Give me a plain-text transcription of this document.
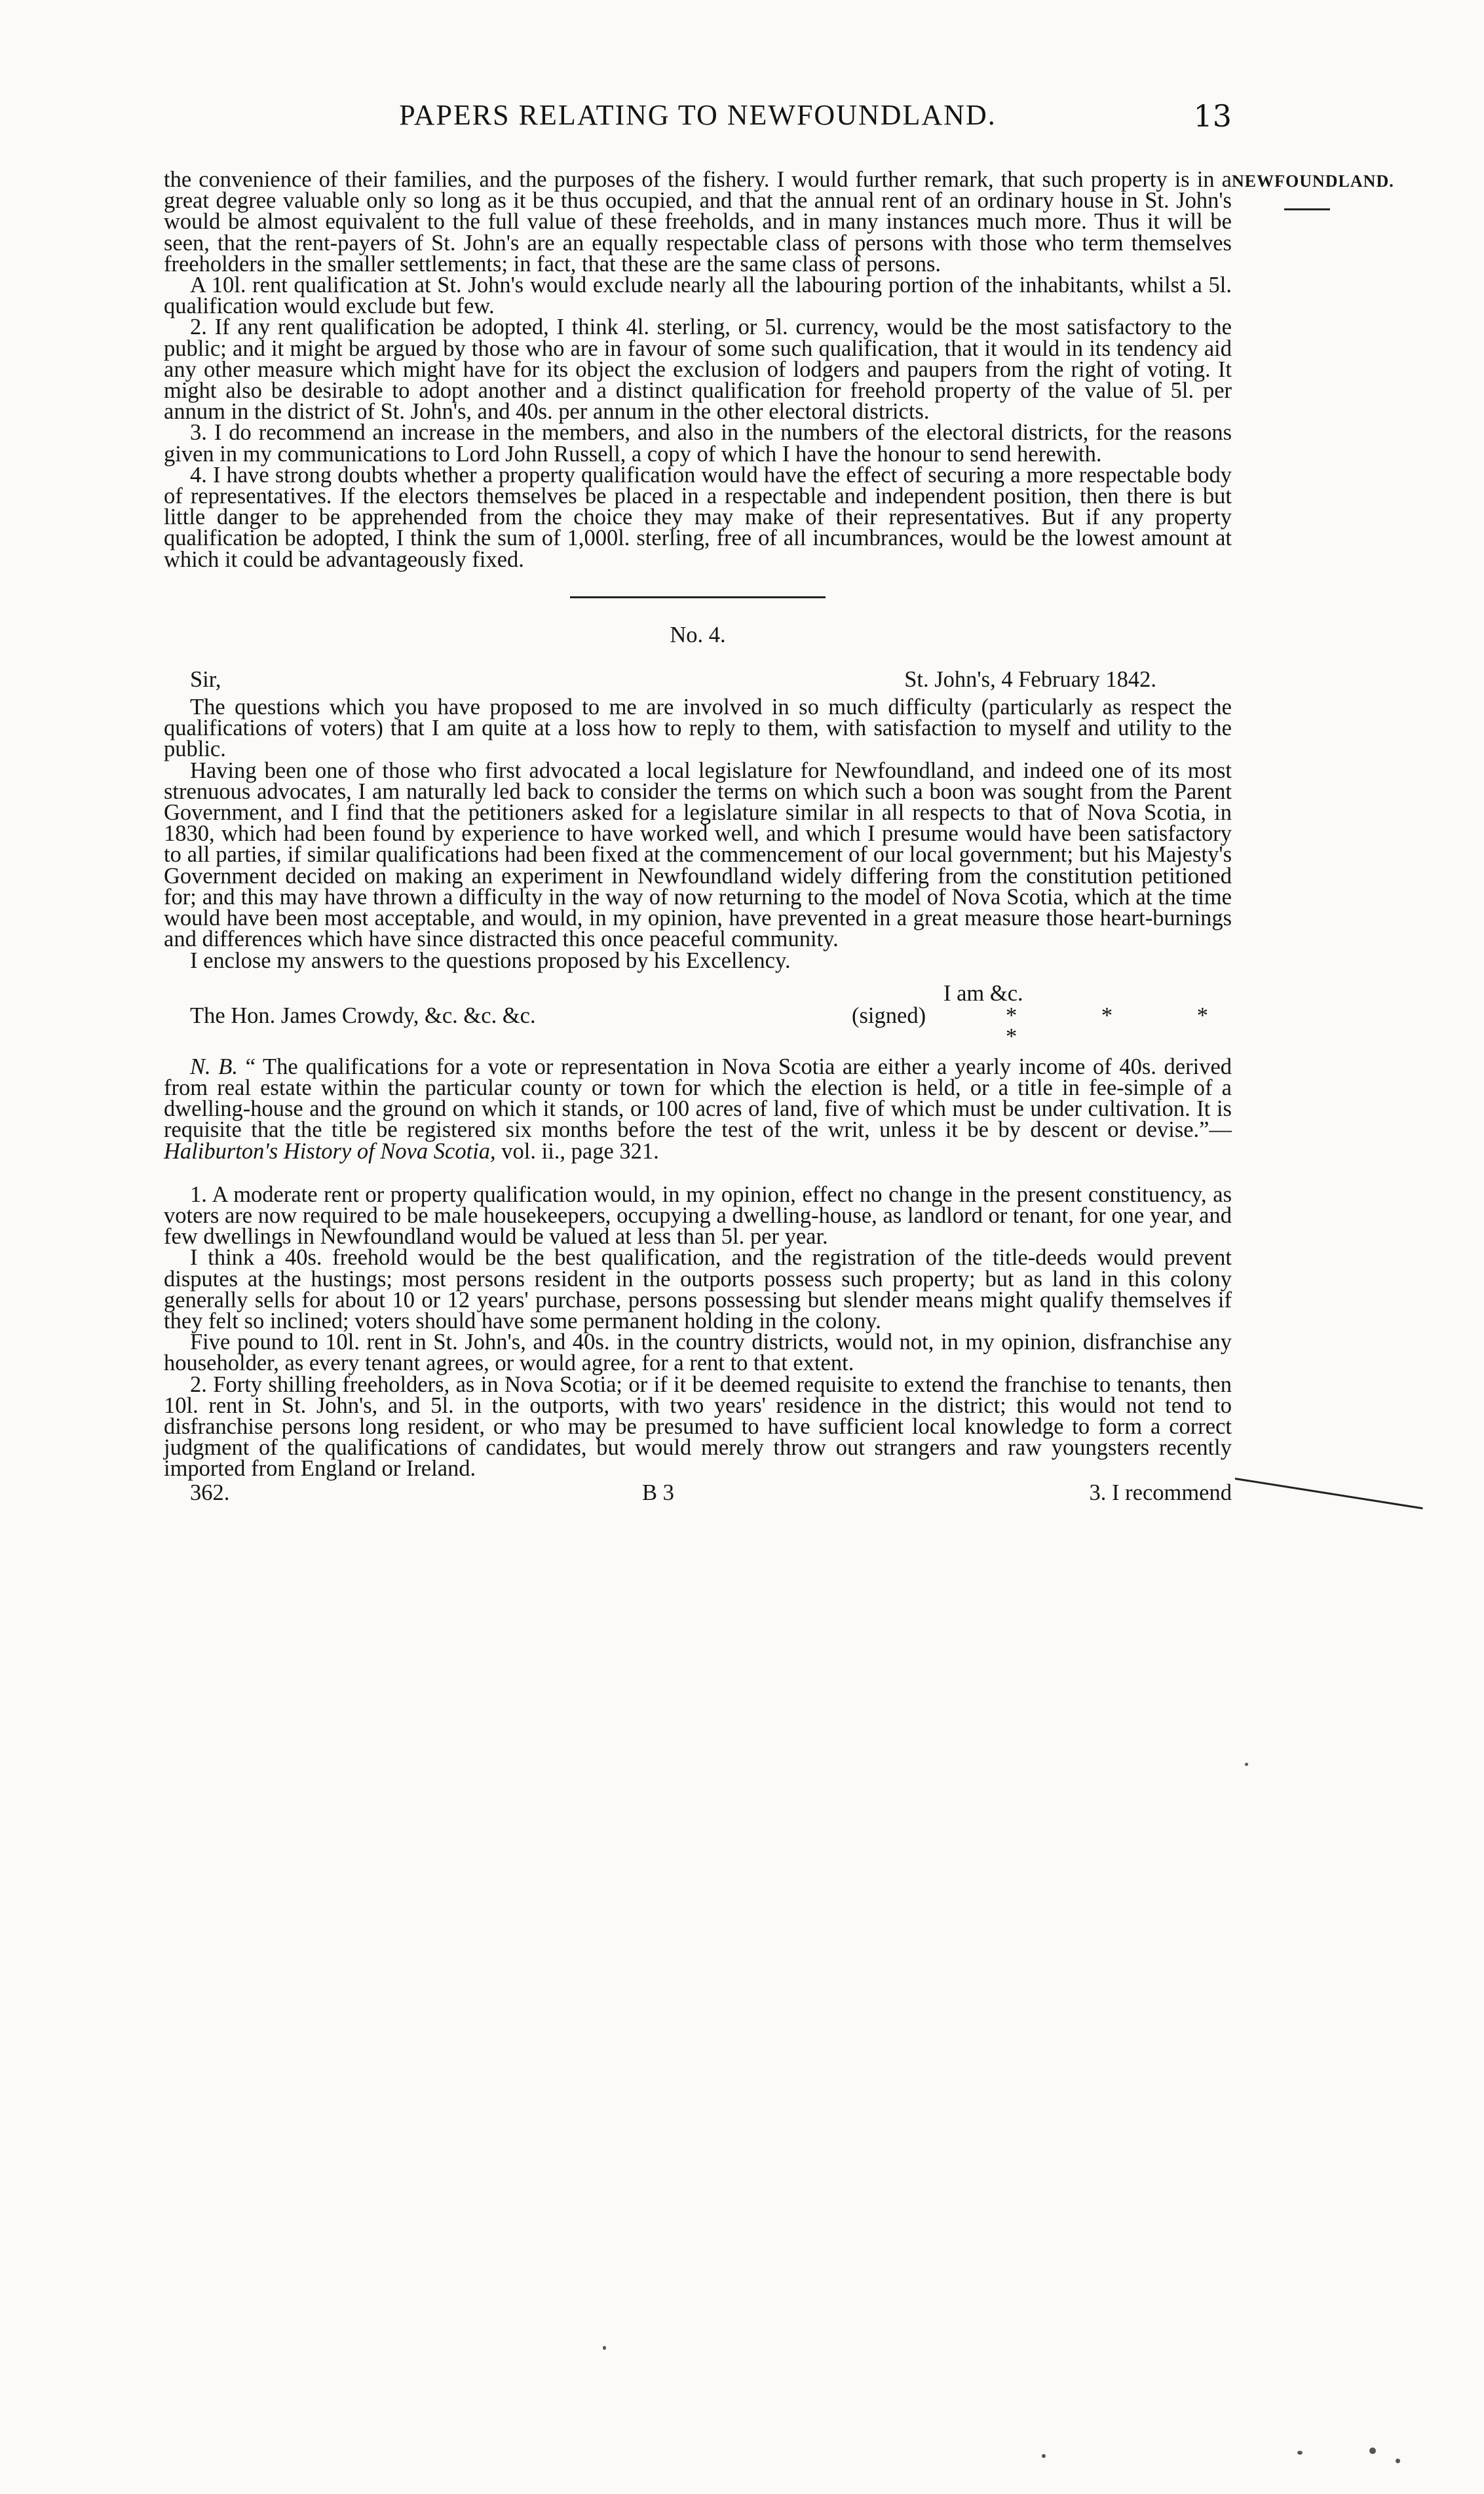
PAPERS RELATING TO NEWFOUNDLAND.	13
NEWFOUNDLAND.

the convenience of their families, and the purposes of the fishery. I would further remark, that such property is in a great degree valuable only so long as it be thus occupied, and that the annual rent of an ordinary house in St. John's would be almost equivalent to the full value of these freeholds, and in many instances much more. Thus it will be seen, that the rent-payers of St. John's are an equally respectable class of persons with those who term themselves freeholders in the smaller settlements; in fact, that these are the same class of persons.

A 10l. rent qualification at St. John's would exclude nearly all the labouring portion of the inhabitants, whilst a 5l. qualification would exclude but few.

2. If any rent qualification be adopted, I think 4l. sterling, or 5l. currency, would be the most satisfactory to the public; and it might be argued by those who are in favour of some such qualification, that it would in its tendency aid any other measure which might have for its object the exclusion of lodgers and paupers from the right of voting. It might also be desirable to adopt another and a distinct qualification for freehold property of the value of 5l. per annum in the district of St. John's, and 40s. per annum in the other electoral districts.

3. I do recommend an increase in the members, and also in the numbers of the electoral districts, for the reasons given in my communications to Lord John Russell, a copy of which I have the honour to send herewith.

4. I have strong doubts whether a property qualification would have the effect of securing a more respectable body of representatives. If the electors themselves be placed in a respectable and independent position, then there is but little danger to be apprehended from the choice they may make of their representatives. But if any property qualification be adopted, I think the sum of 1,000l. sterling, free of all incumbrances, would be the lowest amount at which it could be advantageously fixed.

No. 4.
Sir,	St. John's, 4 February 1842.

The questions which you have proposed to me are involved in so much difficulty (particularly as respect the qualifications of voters) that I am quite at a loss how to reply to them, with satisfaction to myself and utility to the public.

Having been one of those who first advocated a local legislature for Newfoundland, and indeed one of its most strenuous advocates, I am naturally led back to consider the terms on which such a boon was sought from the Parent Government, and I find that the petitioners asked for a legislature similar in all respects to that of Nova Scotia, in 1830, which had been found by experience to have worked well, and which I presume would have been satisfactory to all parties, if similar qualifications had been fixed at the commencement of our local government; but his Majesty's Government decided on making an experiment in Newfoundland widely differing from the constitution petitioned for; and this may have thrown a difficulty in the way of now returning to the model of Nova Scotia, which at the time would have been most acceptable, and would, in my opinion, have prevented in a great measure those heart-burnings and differences which have since distracted this once peaceful community.

I enclose my answers to the questions proposed by his Excellency.

I am &c.
The Hon. James Crowdy, &c. &c. &c.	(signed)	* * * *

N. B. “ The qualifications for a vote or representation in Nova Scotia are either a yearly income of 40s. derived from real estate within the particular county or town for which the election is held, or a title in fee-simple of a dwelling-house and the ground on which it stands, or 100 acres of land, five of which must be under cultivation. It is requisite that the title be registered six months before the test of the writ, unless it be by descent or devise.”—Haliburton's History of Nova Scotia, vol. ii., page 321.

1. A moderate rent or property qualification would, in my opinion, effect no change in the present constituency, as voters are now required to be male housekeepers, occupying a dwelling-house, as landlord or tenant, for one year, and few dwellings in Newfoundland would be valued at less than 5l. per year.

I think a 40s. freehold would be the best qualification, and the registration of the title-deeds would prevent disputes at the hustings; most persons resident in the outports possess such property; but as land in this colony generally sells for about 10 or 12 years' purchase, persons possessing but slender means might qualify themselves if they felt so inclined; voters should have some permanent holding in the colony.

Five pound to 10l. rent in St. John's, and 40s. in the country districts, would not, in my opinion, disfranchise any householder, as every tenant agrees, or would agree, for a rent to that extent.

2. Forty shilling freeholders, as in Nova Scotia; or if it be deemed requisite to extend the franchise to tenants, then 10l. rent in St. John's, and 5l. in the outports, with two years' residence in the district; this would not tend to disfranchise persons long resident, or who may be presumed to have sufficient local knowledge to form a correct judgment of the qualifications of candidates, but would merely throw out strangers and raw youngsters recently imported from England or Ireland.

362.	B 3	3. I recommend
